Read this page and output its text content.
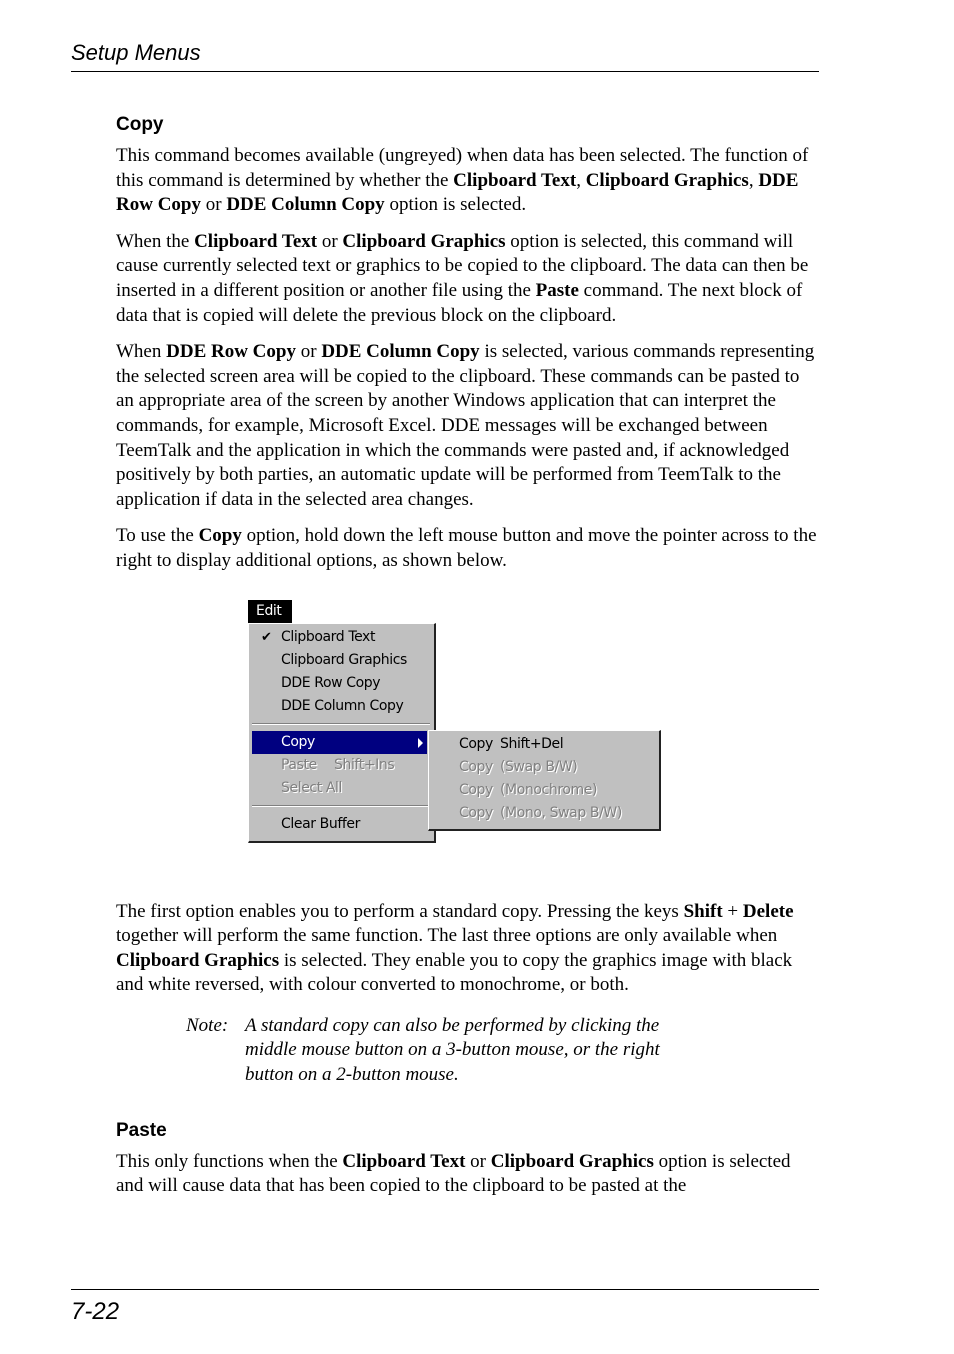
Setup Menus
Copy

This command becomes available (ungreyed) when data has been selected. The function of this command is determined by whether the Clipboard Text, Clipboard Graphics, DDE Row Copy or DDE Column Copy option is selected.

When the Clipboard Text or Clipboard Graphics option is selected, this command will cause currently selected text or graphics to be copied to the clipboard. The data can then be inserted in a different position or another file using the Paste command. The next block of data that is copied will delete the previous block on the clipboard.

When DDE Row Copy or DDE Column Copy is selected, various commands representing the selected screen area will be copied to the clipboard. These commands can be pasted to an appropriate area of the screen by another Windows application that can interpret the commands, for example, Microsoft Excel. DDE messages will be exchanged between TeemTalk and the application in which the commands were pasted and, if acknowledged positively by both parties, an automatic update will be performed from TeemTalk to the application if data in the selected area changes.

To use the Copy option, hold down the left mouse button and move the pointer across to the right to display additional options, as shown below.

Edit
✔ Clipboard Text
Clipboard Graphics
DDE Row Copy
DDE Column Copy
Copy
Paste Shift+Ins
Select All
Clear Buffer
Copy Shift+Del
Copy (Swap B/W)
Copy (Monochrome)
Copy (Mono, Swap B/W)

The first option enables you to perform a standard copy. Pressing the keys Shift + Delete together will perform the same function. The last three options are only available when Clipboard Graphics is selected. They enable you to copy the graphics image with black and white reversed, with colour converted to monochrome, or both.

Note: A standard copy can also be performed by clicking the middle mouse button on a 3-button mouse, or the right button on a 2-button mouse.
Paste

This only functions when the Clipboard Text or Clipboard Graphics option is selected and will cause data that has been copied to the clipboard to be pasted at the

7-22
